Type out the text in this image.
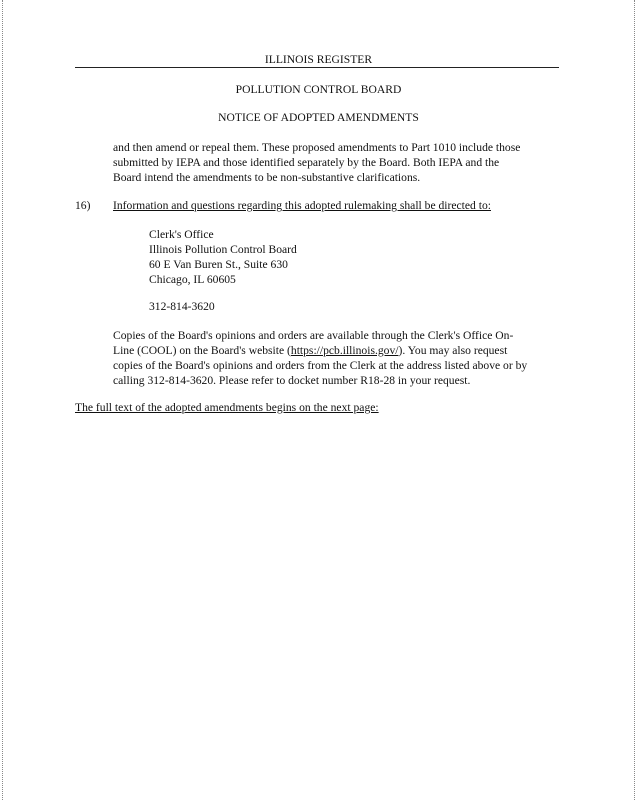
ILLINOIS REGISTER
POLLUTION CONTROL BOARD
NOTICE OF ADOPTED AMENDMENTS
and then amend or repeal them. These proposed amendments to Part 1010 include those
submitted by IEPA and those identified separately by the Board. Both IEPA and the
Board intend the amendments to be non-substantive clarifications.
16) Information and questions regarding this adopted rulemaking shall be directed to:
Clerk's Office
Illinois Pollution Control Board
60 E Van Buren St., Suite 630
Chicago, IL 60605
312-814-3620
Copies of the Board's opinions and orders are available through the Clerk's Office On-
Line (COOL) on the Board's website (https://pcb.illinois.gov/). You may also request
copies of the Board's opinions and orders from the Clerk at the address listed above or by
calling 312-814-3620. Please refer to docket number R18-28 in your request.
The full text of the adopted amendments begins on the next page:
